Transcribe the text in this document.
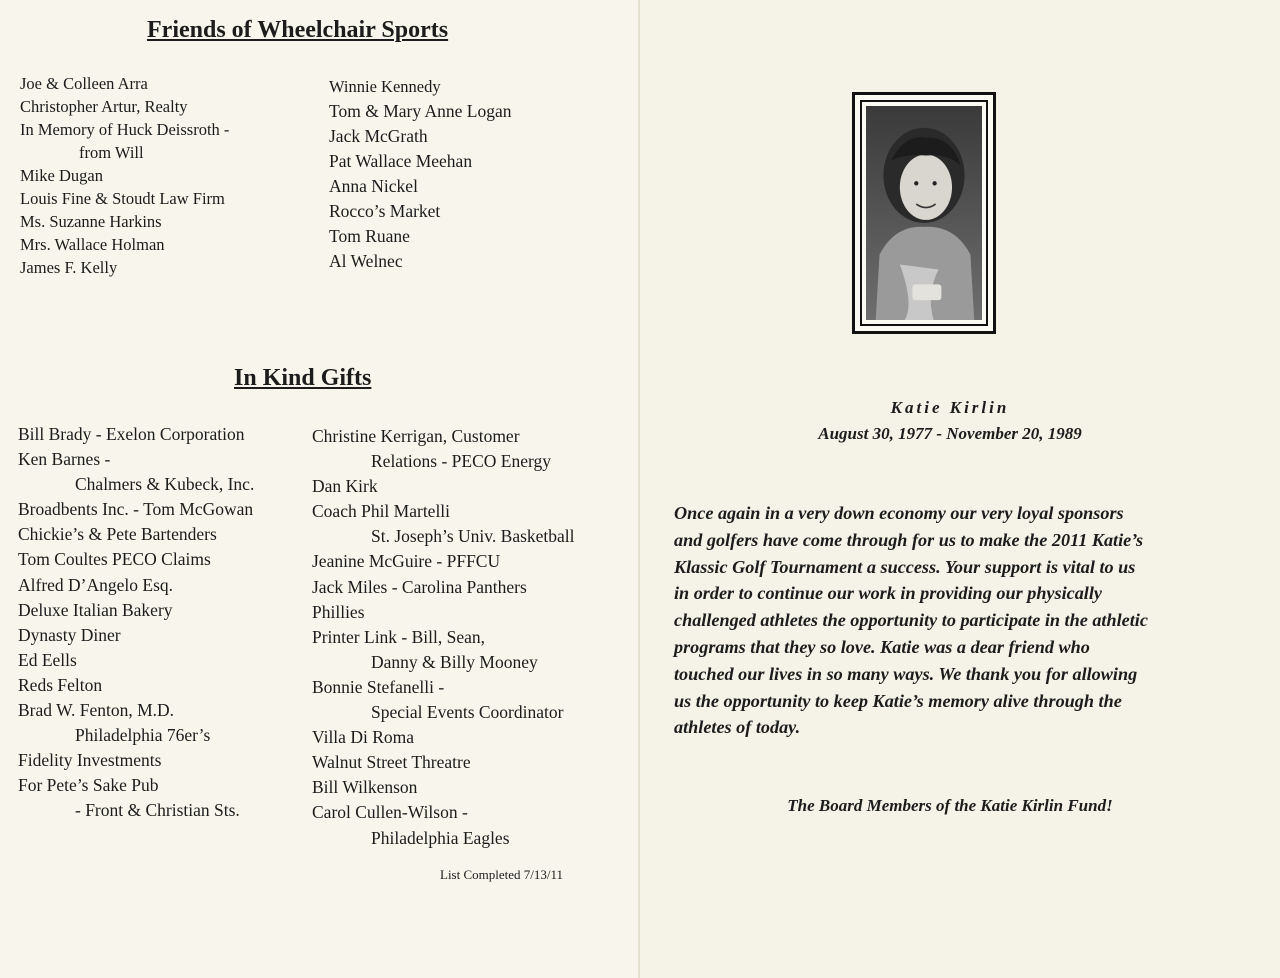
Friends of Wheelchair Sports
Joe & Colleen Arra
Christopher Artur, Realty
In Memory of Huck Deissroth -
from Will
Mike Dugan
Louis Fine & Stoudt Law Firm
Ms. Suzanne Harkins
Mrs. Wallace Holman
James F. Kelly
Winnie Kennedy
Tom & Mary Anne Logan
Jack McGrath
Pat Wallace Meehan
Anna Nickel
Rocco’s Market
Tom Ruane
Al Welnec
In Kind Gifts
Bill Brady - Exelon Corporation
Ken Barnes -
Chalmers & Kubeck, Inc.
Broadbents Inc. - Tom McGowan
Chickie’s & Pete Bartenders
Tom Coultes PECO Claims
Alfred D’Angelo Esq.
Deluxe Italian Bakery
Dynasty Diner
Ed Eells
Reds Felton
Brad W. Fenton, M.D.
Philadelphia 76er’s
Fidelity Investments
For Pete’s Sake Pub
- Front & Christian Sts.
Christine Kerrigan, Customer
Relations - PECO Energy
Dan Kirk
Coach Phil Martelli
St. Joseph’s Univ. Basketball
Jeanine McGuire - PFFCU
Jack Miles - Carolina Panthers
Phillies
Printer Link - Bill, Sean,
Danny & Billy Mooney
Bonnie Stefanelli -
Special Events Coordinator
Villa Di Roma
Walnut Street Threatre
Bill Wilkenson
Carol Cullen-Wilson -
Philadelphia Eagles
List Completed 7/13/11

Katie Kirlin

August 30, 1977 - November 20, 1989

Once again in a very down economy our very loyal sponsors
and golfers have come through for us to make the 2011 Katie’s
Klassic Golf Tournament a success. Your support is vital to us
in order to continue our work in providing our physically
challenged athletes the opportunity to participate in the athletic
programs that they so love. Katie was a dear friend who
touched our lives in so many ways. We thank you for allowing
us the opportunity to keep Katie’s memory alive through the
athletes of today.

The Board Members of the Katie Kirlin Fund!
